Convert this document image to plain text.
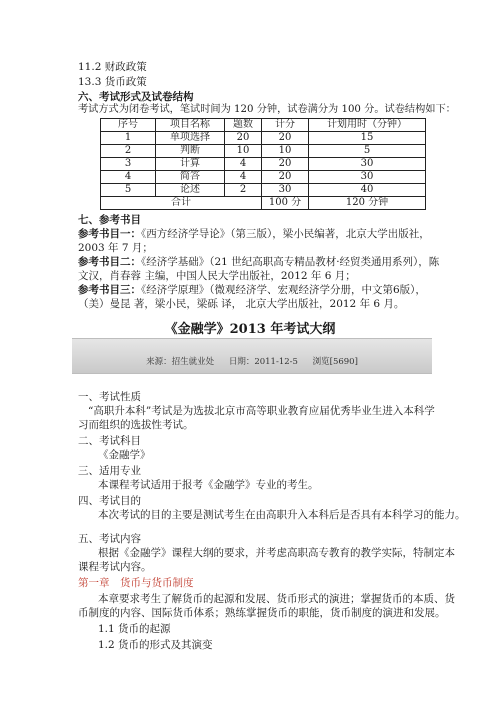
11.2 财政政策
13.3 货币政策
六、考试形式及试卷结构
考试方式为闭卷考试，笔试时间为 120 分钟，试卷满分为 100 分。试卷结构如下：
序号	项目名称	题数	计分	计划用时（分钟）
1	单项选择	20	20	15
2	判断	10	10	5
3	计算	4	20	30
4	简答	4	20	30
5	论述	2	30	40
合计			100 分	120 分钟
七、参考书目
参考书目一：《西方经济学导论》（第三版），梁小民编著，北京大学出版社，
2003 年 7 月；
参考书目二：《经济学基础》（21 世纪高职高专精品教材·经贸类通用系列），陈
文汉，肖春蓉 主编，中国人民大学出版社，2012 年 6 月；
参考书目三：《经济学原理》（微观经济学、宏观经济学分册，中文第6版），
（美）曼昆 著，梁小民，梁砾 译， 北京大学出版社，2012 年 6 月。
《金融学》2013 年考试大纲
来源：招生就业处 日期：2011-12-5 浏览[5690]
一、考试性质
“高职升本科”考试是为选拔北京市高等职业教育应届优秀毕业生进入本科学
习而组织的选拔性考试。
二、考试科目
《金融学》
三、适用专业
本课程考试适用于报考《金融学》专业的考生。
四、考试目的
本次考试的目的主要是测试考生在由高职升入本科后是否具有本科学习的能力。
五、考试内容
根据《金融学》课程大纲的要求，并考虑高职高专教育的教学实际，特制定本
课程考试内容。
第一章　货币与货币制度
本章要求考生了解货币的起源和发展、货币形式的演进；掌握货币的本质、货
币制度的内容、国际货币体系；熟练掌握货币的职能，货币制度的演进和发展。
1.1 货币的起源
1.2 货币的形式及其演变
